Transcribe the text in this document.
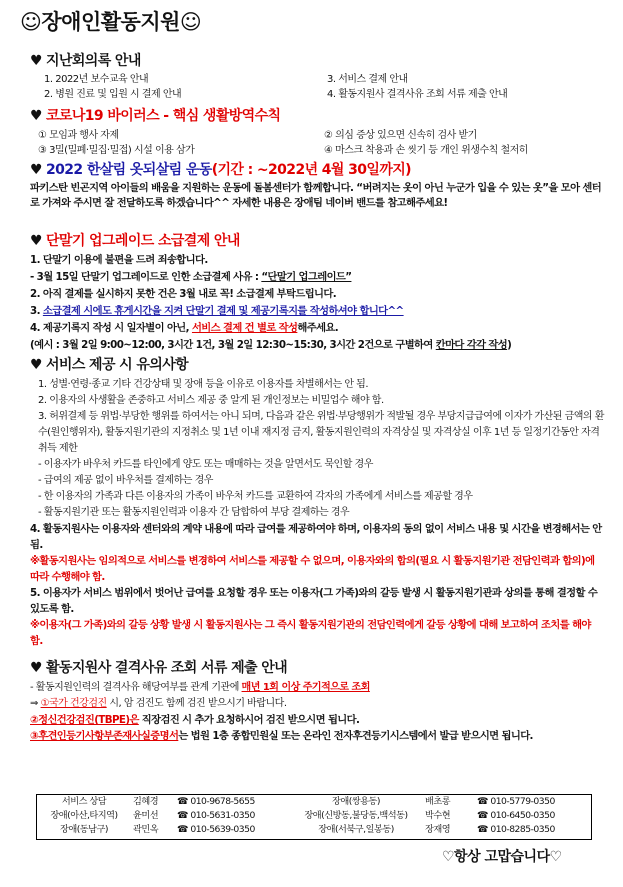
☺장애인활동지원☺
♥ 지난회의록 안내
1. 2022년 보수교육 안내	3. 서비스 결제 안내
2. 병원 진료 및 입원 시 결제 안내	4. 활동지원사 결격사유 조회 서류 제출 안내
♥ 코로나19 바이러스 - 핵심 생활방역수칙
① 모임과 행사 자제	② 의심 증상 있으면 신속히 검사 받기
③ 3밀(밀폐·밀집·밀접) 시설 이용 삼가	④ 마스크 착용과 손 씻기 등 개인 위생수칙 철저히
♥ 2022 한살림 옷되살림 운동(기간 : ~2022년 4월 30일까지)
파키스탄 빈곤지역 아이들의 배움을 지원하는 운동에 돌봄센터가 함께합니다. “버려지는 옷이 아닌 누군가 입을 수 있는 옷”을 모아 센터로 가져와 주시면 잘 전달하도록 하겠습니다^^ 자세한 내용은 장애팀 네이버 밴드를 참고해주세요!
♥ 단말기 업그레이드 소급결제 안내
1. 단말기 이용에 불편을 드려 죄송합니다.
- 3월 15일 단말기 업그레이드로 인한 소급결제 사유 : “단말기 업그레이드”
2. 아직 결제를 실시하지 못한 건은 3월 내로 꼭! 소급결제 부탁드립니다.
3. 소급결제 시에도 휴게시간을 지켜 단말기 결제 및 제공기록지를 작성하셔야 합니다^^
4. 제공기록지 작성 시 일자별이 아닌, 서비스 결제 건 별로 작성해주세요.
(예시 : 3월 2일 9:00~12:00, 3시간 1건, 3월 2일 12:30~15:30, 3시간 2건으로 구별하여 칸마다 각각 작성)
♥ 서비스 제공 시 유의사항
1. 성별·연령·종교 기타 건강상태 및 장애 등을 이유로 이용자를 차별해서는 안 됨.
2. 이용자의 사생활을 존중하고 서비스 제공 중 알게 된 개인정보는 비밀업수 해야 함.
3. 허위결제 등 위법·부당한 행위를 하여서는 아니 되며, 다음과 같은 위법·부당행위가 적발될 경우 부당지급급여에 이자가 가산된 금액의 환수(원인행위자), 활동지원기관의 지정취소 및 1년 이내 재지정 금지, 활동지원인력의 자격상실 및 자격상실 이후 1년 등 일정기간동안 자격취득 제한
- 이용자가 바우처 카드를 타인에게 양도 또는 매매하는 것을 알면서도 묵인할 경우
- 급여의 제공 없이 바우처를 결제하는 경우
- 한 이용자의 가족과 다른 이용자의 가족이 바우처 카드를 교환하여 각자의 가족에게 서비스를 제공할 경우
- 활동지원기관 또는 활동지원인력과 이용자 간 담합하여 부당 결제하는 경우
4. 활동지원사는 이용자와 센터와의 계약 내용에 따라 급여를 제공하여야 하며, 이용자의 동의 없이 서비스 내용 및 시간을 변경해서는 안 됨.
※활동지원사는 임의적으로 서비스를 변경하여 서비스를 제공할 수 없으며, 이용자와의 합의(필요 시 활동지원기관 전담인력과 합의)에 따라 수행해야 함.
5. 이용자가 서비스 범위에서 벗어난 급여를 요청할 경우 또는 이용자(그 가족)와의 갈등 발생 시 활동지원기관과 상의를 통해 결정할 수 있도록 함.
※이용자(그 가족)와의 갈등 상황 발생 시 활동지원사는 그 즉시 활동지원기관의 전담인력에게 갈등 상황에 대해 보고하여 조치를 해야 함.
♥ 활동지원사 결격사유 조회 서류 제출 안내
- 활동지원인력의 결격사유 해당여부를 관계 기관에 매년 1회 이상 주기적으로 조회
⇒ ①국가 건강검진 시, 암 검진도 함께 검진 받으시기 바랍니다.
②정신건강검진(TBPE)은 직장검진 시 추가 요청하시어 검진 받으시면 됩니다.
③후견인등기사항부존재사실증명서는 법원 1층 종합민원실 또는 온라인 전자후견등기시스템에서 발급 받으시면 됩니다.
서비스 상담	김혜경	☎ 010-9678-5655	장애(쌍용동)	배초롱	☎ 010-5779-0350
장애(아산,타지역)	윤미선	☎ 010-5631-0350	장애(신방동,불당동,백석동)	박수현	☎ 010-6450-0350
장애(동남구)	곽민옥	☎ 010-5639-0350	장애(서북구,일봉동)	장재영	☎ 010-8285-0350
♡항상 고맙습니다♡
